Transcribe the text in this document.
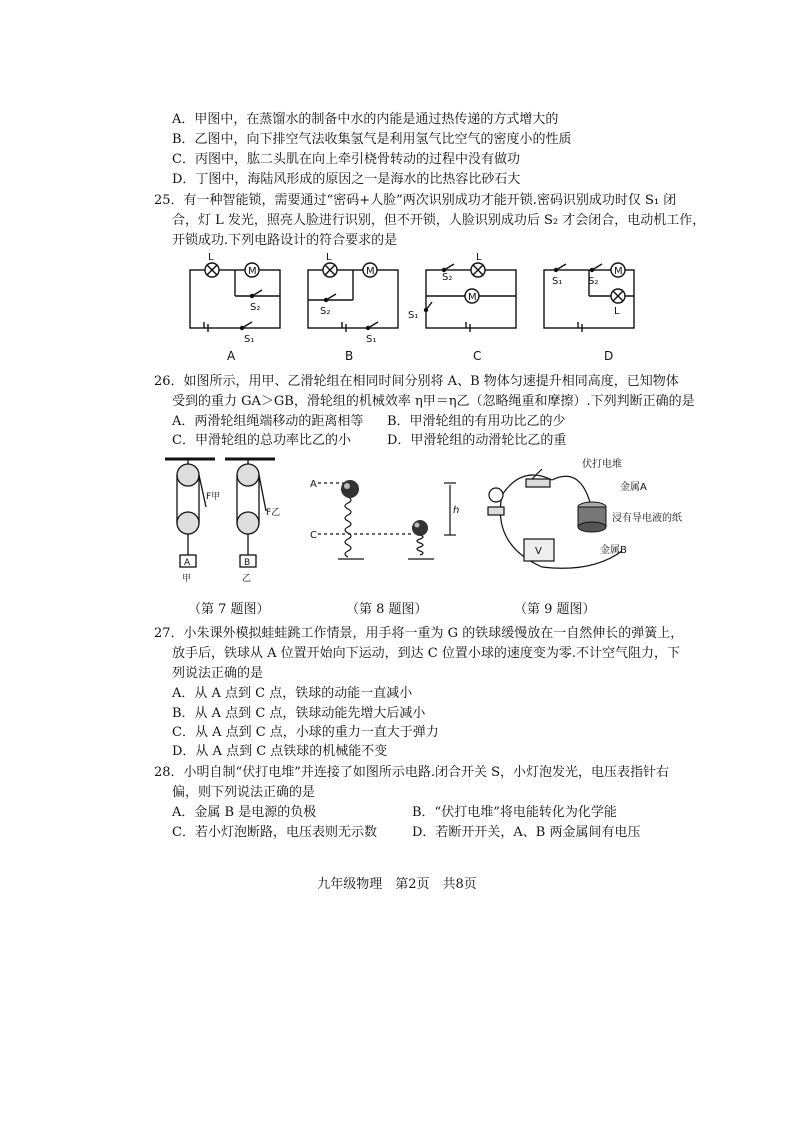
A．甲图中，在蒸馏水的制备中水的内能是通过热传递的方式增大的
B．乙图中，向下排空气法收集氢气是利用氢气比空气的密度小的性质
C．丙图中，肱二头肌在向上牵引桡骨转动的过程中没有做功
D．丁图中，海陆风形成的原因之一是海水的比热容比砂石大
25．有一种智能锁，需要通过“密码+人脸”两次识别成功才能开锁.密码识别成功时仅 S₁ 闭
合，灯 L 发光，照亮人脸进行识别，但不开锁，人脸识别成功后 S₂ 才会闭合，电动机工作，
开锁成功.下列电路设计的符合要求的是
L
M
S₂
S₁
L
M
S₂
S₁
S₂
L
M
S₁
S₁	S₂
M
L
A	B	C	D
26．如图所示，用甲、乙滑轮组在相同时间分别将 A、B 物体匀速提升相同高度，已知物体
受到的重力 GA＞GB，滑轮组的机械效率 η甲＝η乙（忽略绳重和摩擦）.下列判断正确的是
A．两滑轮组绳端移动的距离相等 B．甲滑轮组的有用功比乙的少
C．甲滑轮组的总功率比乙的小	D．甲滑轮组的动滑轮比乙的重
F甲
F乙
A	B
甲	乙
A
C
h
伏打电堆
金属A
浸有导电液的纸
金属B
V
（第 7 题图）	（第 8 题图）	（第 9 题图）
27．小朱课外模拟蛙蛙跳工作情景，用手将一重为 G 的铁球缓慢放在一自然伸长的弹簧上，
放手后，铁球从 A 位置开始向下运动，到达 C 位置小球的速度变为零.不计空气阻力，下
列说法正确的是
A．从 A 点到 C 点，铁球的动能一直减小
B．从 A 点到 C 点，铁球动能先增大后减小
C．从 A 点到 C 点，小球的重力一直大于弹力
D．从 A 点到 C 点铁球的机械能不变
28．小明自制“伏打电堆”并连接了如图所示电路.闭合开关 S，小灯泡发光，电压表指针右
偏，则下列说法正确的是
A．金属 B 是电源的负极	B．“伏打电堆”将电能转化为化学能
C．若小灯泡断路，电压表则无示数	D．若断开开关，A、B 两金属间有电压
九年级物理　第2页　共8页
